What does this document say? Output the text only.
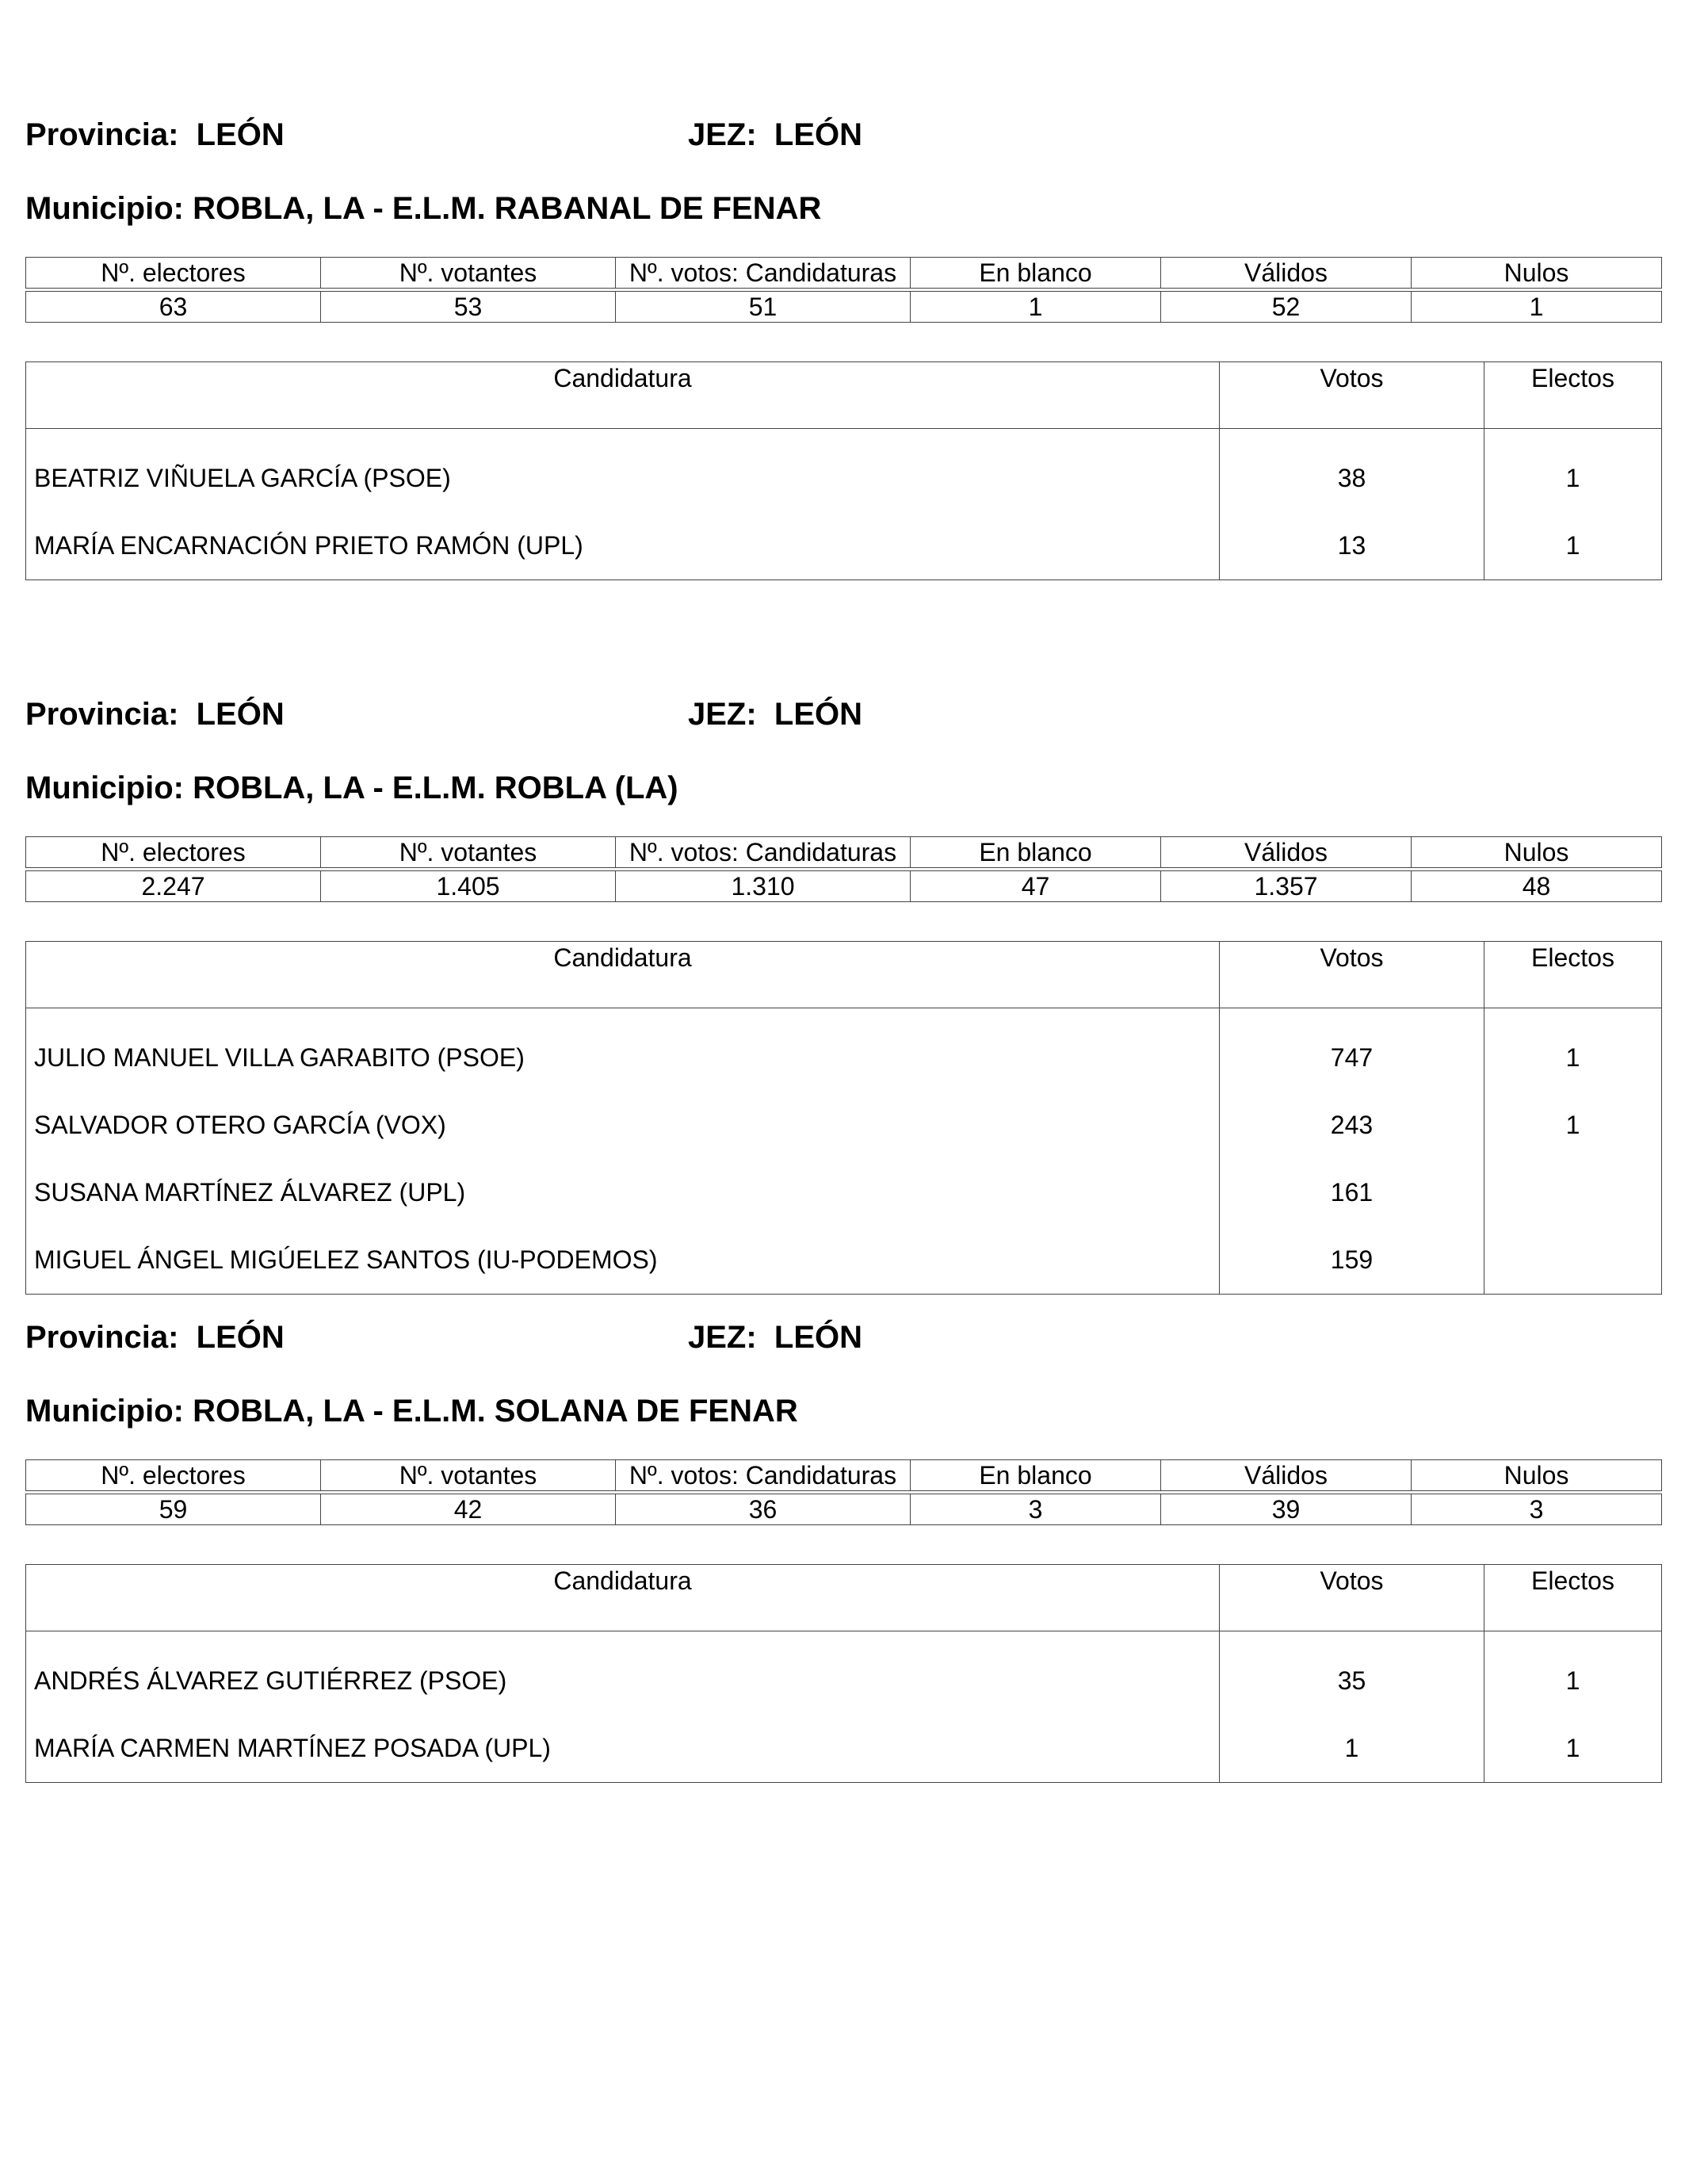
Provincia: LEÓN	JEZ: LEÓN
Municipio: ROBLA, LA - E.L.M. RABANAL DE FENAR
Nº. electores	Nº. votantes	Nº. votos: Candidaturas	En blanco	Válidos	Nulos

63	53	51	1	52	1
Candidatura	Votos	Electos
BEATRIZ VIÑUELA GARCÍA (PSOE)	38	1
MARÍA ENCARNACIÓN PRIETO RAMÓN (UPL)	13	1
Provincia: LEÓN	JEZ: LEÓN
Municipio: ROBLA, LA - E.L.M. ROBLA (LA)
Nº. electores	Nº. votantes	Nº. votos: Candidaturas	En blanco	Válidos	Nulos

2.247	1.405	1.310	47	1.357	48
Candidatura	Votos	Electos
JULIO MANUEL VILLA GARABITO (PSOE)	747	1
SALVADOR OTERO GARCÍA (VOX)	243	1
SUSANA MARTÍNEZ ÁLVAREZ (UPL)	161	
MIGUEL ÁNGEL MIGÚELEZ SANTOS (IU-PODEMOS)	159	
Provincia: LEÓN	JEZ: LEÓN
Municipio: ROBLA, LA - E.L.M. SOLANA DE FENAR
Nº. electores	Nº. votantes	Nº. votos: Candidaturas	En blanco	Válidos	Nulos

59	42	36	3	39	3
Candidatura	Votos	Electos
ANDRÉS ÁLVAREZ GUTIÉRREZ (PSOE)	35	1
MARÍA CARMEN MARTÍNEZ POSADA (UPL)	1	1
